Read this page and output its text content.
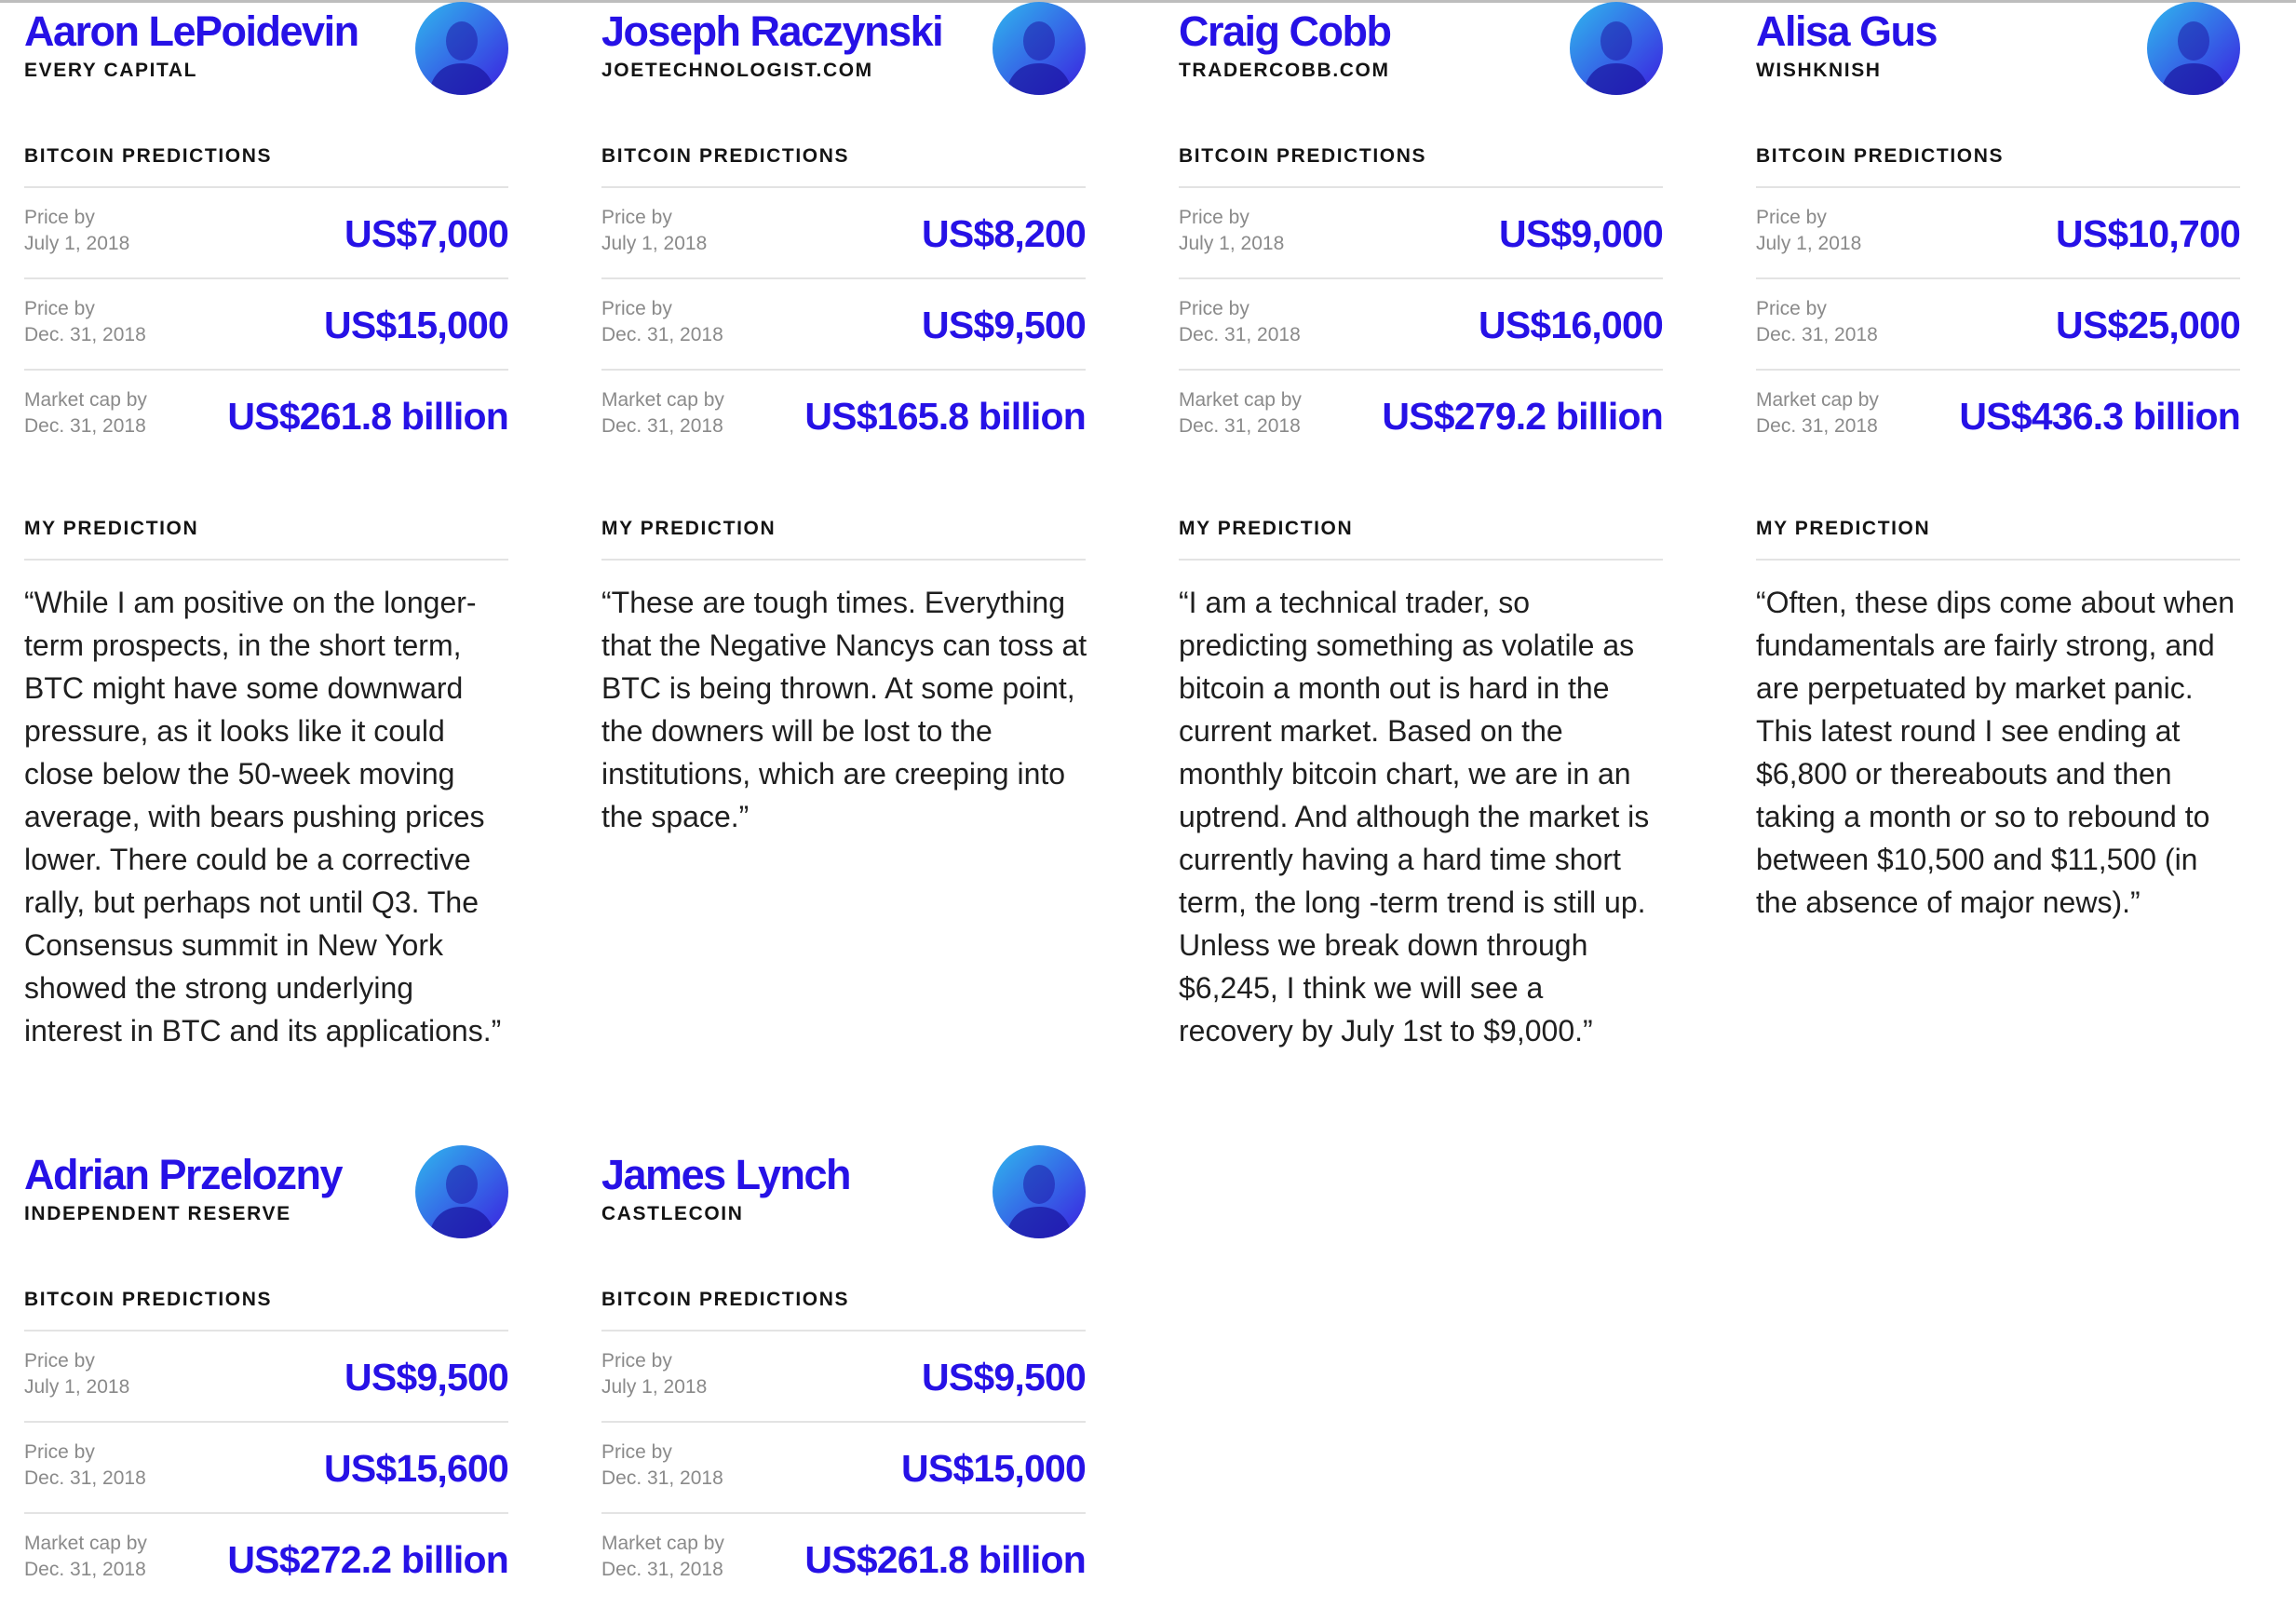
Aaron LePoidevin
EVERY CAPITAL
BITCOIN PREDICTIONS
Price by
July 1, 2018	US$7,000
Price by
Dec. 31, 2018	US$15,000
Market cap by
Dec. 31, 2018	US$261.8 billion
MY PREDICTION
“While I am positive on the longer-term prospects, in the short term, BTC might have some downward pressure, as it looks like it could close below the 50-week moving average, with bears pushing prices lower. There could be a corrective rally, but perhaps not until Q3. The Consensus summit in New York showed the strong underlying interest in BTC and its applications.”
Joseph Raczynski
JOETECHNOLOGIST.COM
BITCOIN PREDICTIONS
Price by
July 1, 2018	US$8,200
Price by
Dec. 31, 2018	US$9,500
Market cap by
Dec. 31, 2018	US$165.8 billion
MY PREDICTION
“These are tough times. Everything that the Negative Nancys can toss at BTC is being thrown. At some point, the downers will be lost to the institutions, which are creeping into the space.”
Craig Cobb
TRADERCOBB.COM
BITCOIN PREDICTIONS
Price by
July 1, 2018	US$9,000
Price by
Dec. 31, 2018	US$16,000
Market cap by
Dec. 31, 2018	US$279.2 billion
MY PREDICTION
“I am a technical trader, so predicting something as volatile as bitcoin a month out is hard in the current market. Based on the monthly bitcoin chart, we are in an uptrend. And although the market is currently having a hard time short term, the long -term trend is still up. Unless we break down through $6,245, I think we will see a recovery by July 1st to $9,000.”
Alisa Gus
WISHKNISH
BITCOIN PREDICTIONS
Price by
July 1, 2018	US$10,700
Price by
Dec. 31, 2018	US$25,000
Market cap by
Dec. 31, 2018	US$436.3 billion
MY PREDICTION
“Often, these dips come about when fundamentals are fairly strong, and are perpetuated by market panic. This latest round I see ending at $6,800 or thereabouts and then taking a month or so to rebound to between $10,500 and $11,500 (in the absence of major news).”
Adrian Przelozny
INDEPENDENT RESERVE
BITCOIN PREDICTIONS
Price by
July 1, 2018	US$9,500
Price by
Dec. 31, 2018	US$15,600
Market cap by
Dec. 31, 2018	US$272.2 billion
James Lynch
CASTLECOIN
BITCOIN PREDICTIONS
Price by
July 1, 2018	US$9,500
Price by
Dec. 31, 2018	US$15,000
Market cap by
Dec. 31, 2018	US$261.8 billion
